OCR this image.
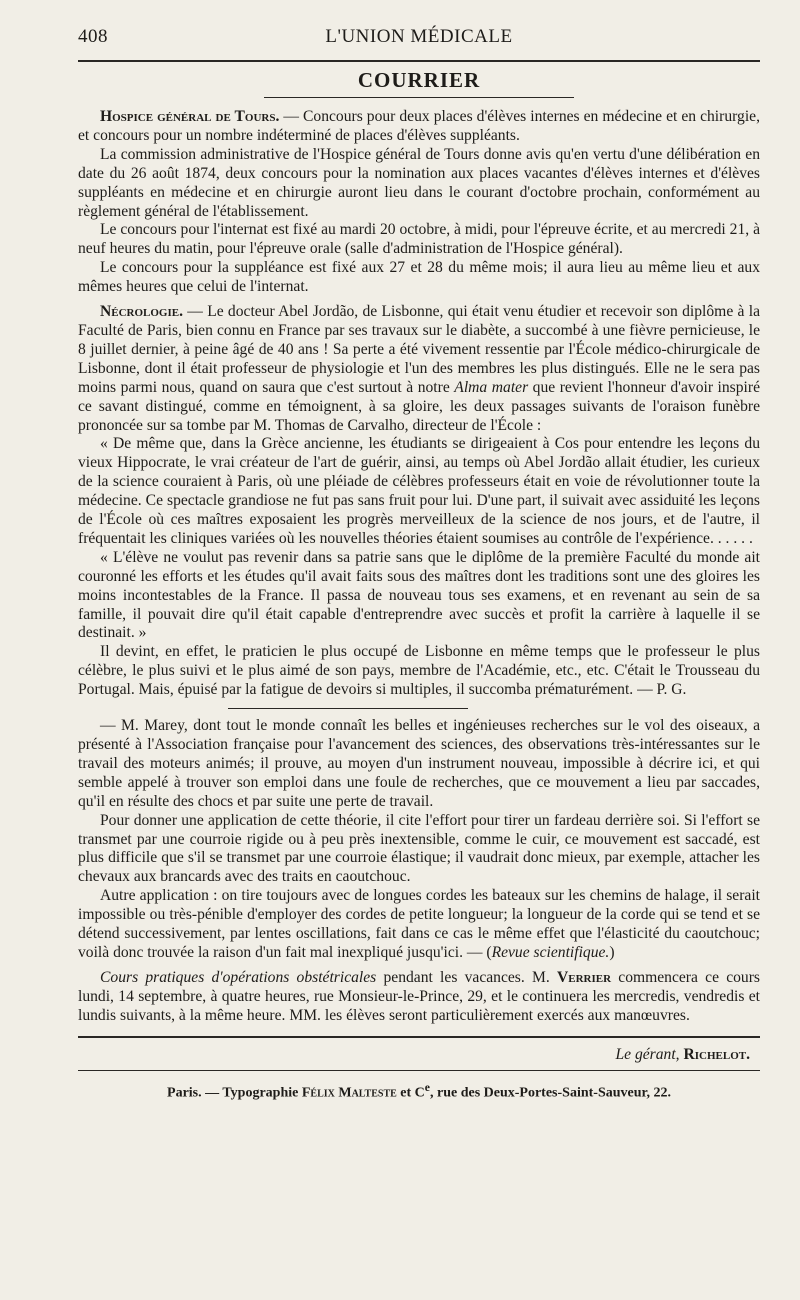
408	L'UNION MÉDICALE
COURRIER

Hospice général de Tours. — Concours pour deux places d'élèves internes en médecine et en chirurgie, et concours pour un nombre indéterminé de places d'élèves suppléants.

La commission administrative de l'Hospice général de Tours donne avis qu'en vertu d'une délibération en date du 26 août 1874, deux concours pour la nomination aux places vacantes d'élèves internes et d'élèves suppléants en médecine et en chirurgie auront lieu dans le courant d'octobre prochain, conformément au règlement général de l'établissement.

Le concours pour l'internat est fixé au mardi 20 octobre, à midi, pour l'épreuve écrite, et au mercredi 21, à neuf heures du matin, pour l'épreuve orale (salle d'administration de l'Hospice général).

Le concours pour la suppléance est fixé aux 27 et 28 du même mois; il aura lieu au même lieu et aux mêmes heures que celui de l'internat.

Nécrologie. — Le docteur Abel Jordão, de Lisbonne, qui était venu étudier et recevoir son diplôme à la Faculté de Paris, bien connu en France par ses travaux sur le diabète, a succombé à une fièvre pernicieuse, le 8 juillet dernier, à peine âgé de 40 ans ! Sa perte a été vivement ressentie par l'École médico-chirurgicale de Lisbonne, dont il était professeur de physiologie et l'un des membres les plus distingués. Elle ne le sera pas moins parmi nous, quand on saura que c'est surtout à notre Alma mater que revient l'honneur d'avoir inspiré ce savant distingué, comme en témoignent, à sa gloire, les deux passages suivants de l'oraison funèbre prononcée sur sa tombe par M. Thomas de Carvalho, directeur de l'École :

« De même que, dans la Grèce ancienne, les étudiants se dirigeaient à Cos pour entendre les leçons du vieux Hippocrate, le vrai créateur de l'art de guérir, ainsi, au temps où Abel Jordão allait étudier, les curieux de la science couraient à Paris, où une pléiade de célèbres professeurs était en voie de révolutionner toute la médecine. Ce spectacle grandiose ne fut pas sans fruit pour lui. D'une part, il suivait avec assiduité les leçons de l'École où ces maîtres exposaient les progrès merveilleux de la science de nos jours, et de l'autre, il fréquentait les cliniques variées où les nouvelles théories étaient soumises au contrôle de l'expérience. . . . . .

« L'élève ne voulut pas revenir dans sa patrie sans que le diplôme de la première Faculté du monde ait couronné les efforts et les études qu'il avait faits sous des maîtres dont les traditions sont une des gloires les moins incontestables de la France. Il passa de nouveau tous ses examens, et en revenant au sein de sa famille, il pouvait dire qu'il était capable d'entreprendre avec succès et profit la carrière à laquelle il se destinait. »

Il devint, en effet, le praticien le plus occupé de Lisbonne en même temps que le professeur le plus célèbre, le plus suivi et le plus aimé de son pays, membre de l'Académie, etc., etc. C'était le Trousseau du Portugal. Mais, épuisé par la fatigue de devoirs si multiples, il succomba prématurément. — P. G.

— M. Marey, dont tout le monde connaît les belles et ingénieuses recherches sur le vol des oiseaux, a présenté à l'Association française pour l'avancement des sciences, des observations très-intéressantes sur le travail des moteurs animés; il prouve, au moyen d'un instrument nouveau, impossible à décrire ici, et qui semble appelé à trouver son emploi dans une foule de recherches, que ce mouvement a lieu par saccades, qu'il en résulte des chocs et par suite une perte de travail.

Pour donner une application de cette théorie, il cite l'effort pour tirer un fardeau derrière soi. Si l'effort se transmet par une courroie rigide ou à peu près inextensible, comme le cuir, ce mouvement est saccadé, est plus difficile que s'il se transmet par une courroie élastique; il vaudrait donc mieux, par exemple, attacher les chevaux aux brancards avec des traits en caoutchouc.

Autre application : on tire toujours avec de longues cordes les bateaux sur les chemins de halage, il serait impossible ou très-pénible d'employer des cordes de petite longueur; la longueur de la corde qui se tend et se détend successivement, par lentes oscillations, fait dans ce cas le même effet que l'élasticité du caoutchouc; voilà donc trouvée la raison d'un fait mal inexpliqué jusqu'ici. — (Revue scientifique.)

Cours pratiques d'opérations obstétricales pendant les vacances. M. Verrier commencera ce cours lundi, 14 septembre, à quatre heures, rue Monsieur-le-Prince, 29, et le continuera les mercredis, vendredis et lundis suivants, à la même heure. MM. les élèves seront particulièrement exercés aux manœuvres.

Le gérant, Richelot.
Paris. — Typographie Félix Malteste et Ce, rue des Deux-Portes-Saint-Sauveur, 22.
